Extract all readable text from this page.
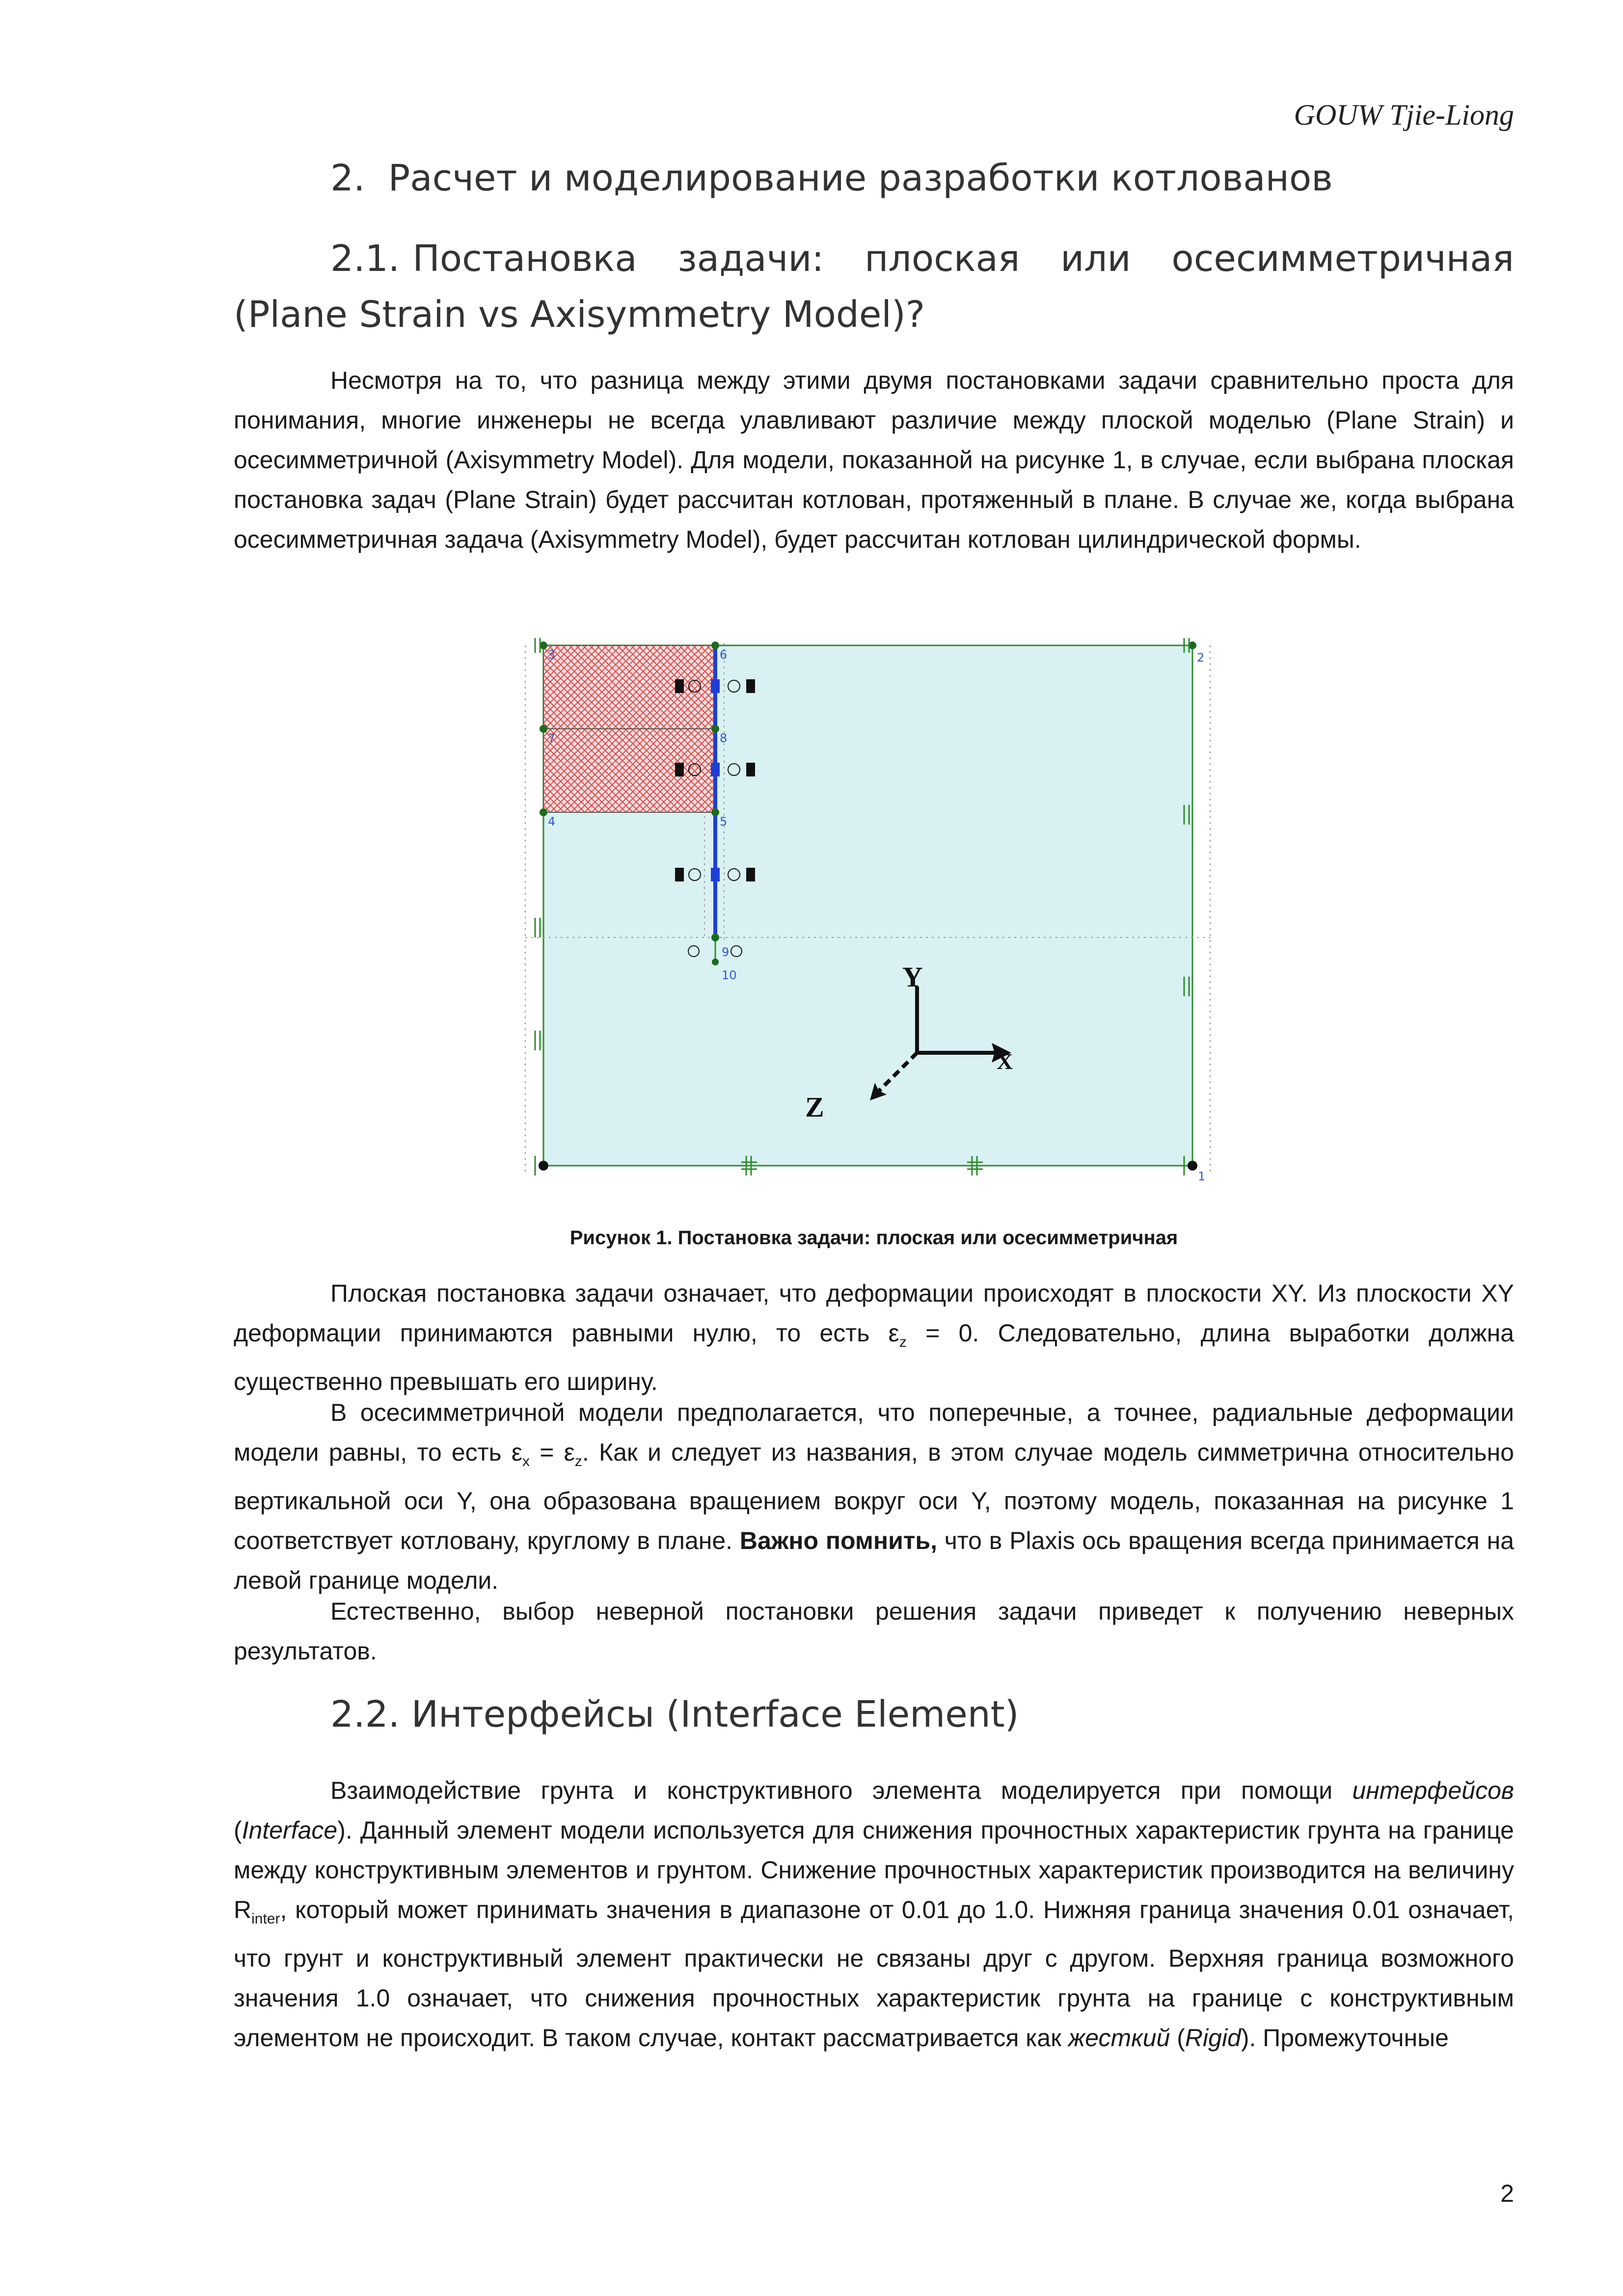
GOUW Tjie-Liong
2. Расчет и моделирование разработки котлованов
2.1. Постановка задачи: плоская или осесимметричная (Plane Strain vs Axisymmetry Model)?

Несмотря на то, что разница между этими двумя постановками задачи сравнительно проста для понимания, многие инженеры не всегда улавливают различие между плоской моделью (Plane Strain) и осесимметричной (Axisymmetry Model). Для модели, показанной на рисунке 1, в случае, если выбрана плоская постановка задач (Plane Strain) будет рассчитан котлован, протяженный в плане. В случае же, когда выбрана осесимметричная задача (Axisymmetry Model), будет рассчитан котлован цилиндрической формы.

2
3
4	5
6
7	8
9
10
1
Y
X
Z
Рисунок 1. Постановка задачи: плоская или осесимметричная

Плоская постановка задачи означает, что деформации происходят в плоскости XY. Из плоскости XY деформации принимаются равными нулю, то есть $\varepsilon_z = 0$. Следовательно, длина выработки должна существенно превышать его ширину.

В осесимметричной модели предполагается, что поперечные, а точнее, радиальные деформации модели равны, то есть $\varepsilon_x = \varepsilon_z$. Как и следует из названия, в этом случае модель симметрична относительно вертикальной оси Y, она образована вращением вокруг оси Y, поэтому модель, показанная на рисунке 1 соответствует котловану, круглому в плане. Важно помнить, что в Plaxis ось вращения всегда принимается на левой границе модели.

Естественно, выбор неверной постановки решения задачи приведет к получению неверных результатов.

2.2. Интерфейсы (Interface Element)

Взаимодействие грунта и конструктивного элемента моделируется при помощи интерфейсов (Interface). Данный элемент модели используется для снижения прочностных характеристик грунта на границе между конструктивным элементов и грунтом. Снижение прочностных характеристик производится на величину $R_{inter}$, который может принимать значения в диапазоне от 0.01 до 1.0. Нижняя граница значения 0.01 означает, что грунт и конструктивный элемент практически не связаны друг с другом. Верхняя граница возможного значения 1.0 означает, что снижения прочностных характеристик грунта на границе с конструктивным элементом не происходит. В таком случае, контакт рассматривается как жесткий (Rigid). Промежуточные

2
